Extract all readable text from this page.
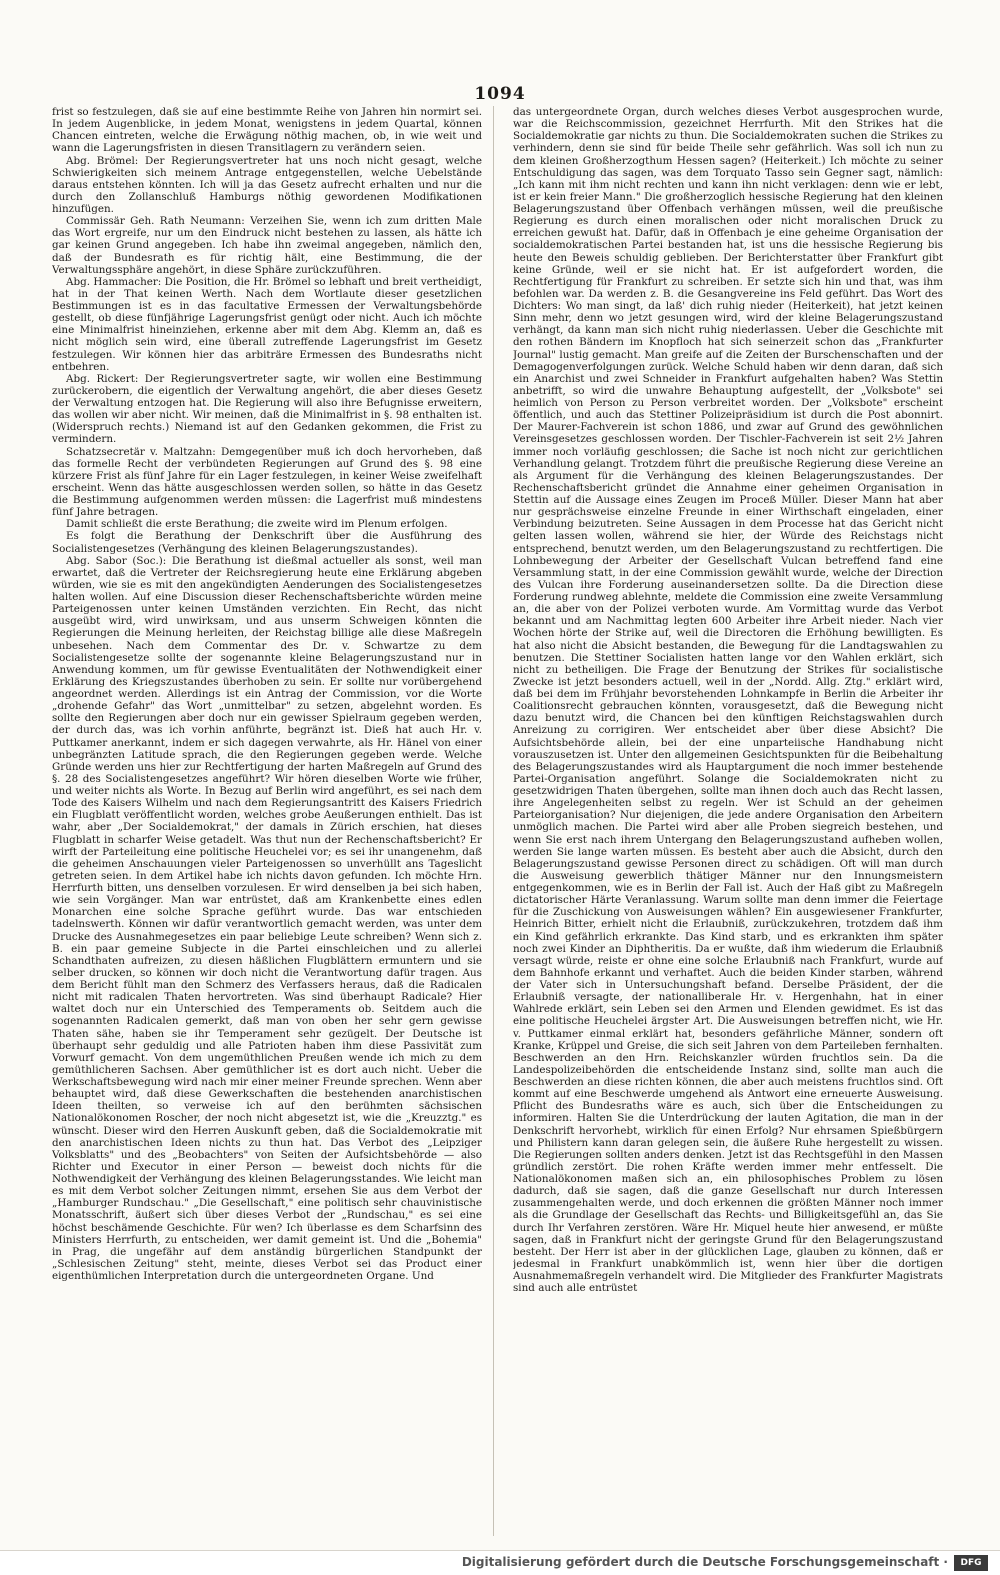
1094

frist so festzulegen, daß sie auf eine bestimmte Reihe von Jahren hin normirt sei. In jedem Augenblicke, in jedem Monat, wenigstens in jedem Quartal, können Chancen eintreten, welche die Erwägung nöthig machen, ob, in wie weit und wann die Lagerungsfristen in diesen Transitlagern zu verändern seien.

Abg. Brömel: Der Regierungsvertreter hat uns noch nicht gesagt, welche Schwierigkeiten sich meinem Antrage entgegenstellen, welche Uebelstände daraus entstehen könnten. Ich will ja das Gesetz aufrecht erhalten und nur die durch den Zollanschluß Hamburgs nöthig gewordenen Modifikationen hinzufügen.

Commissär Geh. Rath Neumann: Verzeihen Sie, wenn ich zum dritten Male das Wort ergreife, nur um den Eindruck nicht bestehen zu lassen, als hätte ich gar keinen Grund angegeben. Ich habe ihn zweimal angegeben, nämlich den, daß der Bundesrath es für richtig hält, eine Bestimmung, die der Verwaltungssphäre angehört, in diese Sphäre zurückzuführen.

Abg. Hammacher: Die Position, die Hr. Brömel so lebhaft und breit vertheidigt, hat in der That keinen Werth. Nach dem Wortlaute dieser gesetzlichen Bestimmungen ist es in das facultative Ermessen der Verwaltungsbehörde gestellt, ob diese fünfjährige Lagerungsfrist genügt oder nicht. Auch ich möchte eine Minimalfrist hineinziehen, erkenne aber mit dem Abg. Klemm an, daß es nicht möglich sein wird, eine überall zutreffende Lagerungsfrist im Gesetz festzulegen. Wir können hier das arbiträre Ermessen des Bundesraths nicht entbehren.

Abg. Rickert: Der Regierungsvertreter sagte, wir wollen eine Bestimmung zurückerobern, die eigentlich der Verwaltung angehört, die aber dieses Gesetz der Verwaltung entzogen hat. Die Regierung will also ihre Befugnisse erweitern, das wollen wir aber nicht. Wir meinen, daß die Minimalfrist in §. 98 enthalten ist. (Widerspruch rechts.) Niemand ist auf den Gedanken gekommen, die Frist zu vermindern.

Schatzsecretär v. Maltzahn: Demgegenüber muß ich doch hervorheben, daß das formelle Recht der verbündeten Regierungen auf Grund des §. 98 eine kürzere Frist als fünf Jahre für ein Lager festzulegen, in keiner Weise zweifelhaft erscheint. Wenn das hätte ausgeschlossen werden sollen, so hätte in das Gesetz die Bestimmung aufgenommen werden müssen: die Lagerfrist muß mindestens fünf Jahre betragen.

Damit schließt die erste Berathung; die zweite wird im Plenum erfolgen.

Es folgt die Berathung der Denkschrift über die Ausführung des Socialistengesetzes (Verhängung des kleinen Belagerungszustandes).

Abg. Sabor (Soc.): Die Berathung ist dießmal actueller als sonst, weil man erwartet, daß die Vertreter der Reichsregierung heute eine Erklärung abgeben würden, wie sie es mit den angekündigten Aenderungen des Socialistengesetzes halten wollen. Auf eine Discussion dieser Rechenschaftsberichte würden meine Parteigenossen unter keinen Umständen verzichten. Ein Recht, das nicht ausgeübt wird, wird unwirksam, und aus unserm Schweigen könnten die Regierungen die Meinung herleiten, der Reichstag billige alle diese Maßregeln unbesehen. Nach dem Commentar des Dr. v. Schwartze zu dem Socialistengesetze sollte der sogenannte kleine Belagerungszustand nur in Anwendung kommen, um für gewisse Eventualitäten der Nothwendigkeit einer Erklärung des Kriegszustandes überhoben zu sein. Er sollte nur vorübergehend angeordnet werden. Allerdings ist ein Antrag der Commission, vor die Worte „drohende Gefahr" das Wort „unmittelbar" zu setzen, abgelehnt worden. Es sollte den Regierungen aber doch nur ein gewisser Spielraum gegeben werden, der durch das, was ich vorhin anführte, begränzt ist. Dieß hat auch Hr. v. Puttkamer anerkannt, indem er sich dagegen verwahrte, als Hr. Hänel von einer unbegränzten Latitude sprach, die den Regierungen gegeben werde. Welche Gründe werden uns hier zur Rechtfertigung der harten Maßregeln auf Grund des §. 28 des Socialistengesetzes angeführt? Wir hören dieselben Worte wie früher, und weiter nichts als Worte. In Bezug auf Berlin wird angeführt, es sei nach dem Tode des Kaisers Wilhelm und nach dem Regierungsantritt des Kaisers Friedrich ein Flugblatt veröffentlicht worden, welches grobe Aeußerungen enthielt. Das ist wahr, aber „Der Socialdemokrat," der damals in Zürich erschien, hat dieses Flugblatt in scharfer Weise getadelt. Was thut nun der Rechenschaftsbericht? Er wirft der Parteileitung eine politische Heuchelei vor; es sei ihr unangenehm, daß die geheimen Anschauungen vieler Parteigenossen so unverhüllt ans Tageslicht getreten seien. In dem Artikel habe ich nichts davon gefunden. Ich möchte Hrn. Herrfurth bitten, uns denselben vorzulesen. Er wird denselben ja bei sich haben, wie sein Vorgänger. Man war entrüstet, daß am Krankenbette eines edlen Monarchen eine solche Sprache geführt wurde. Das war entschieden tadelnswerth. Können wir dafür verantwortlich gemacht werden, was unter dem Drucke des Ausnahmegesetzes ein paar beliebige Leute schreiben? Wenn sich z. B. ein paar gemeine Subjecte in die Partei einschleichen und zu allerlei Schandthaten aufreizen, zu diesen häßlichen Flugblättern ermuntern und sie selber drucken, so können wir doch nicht die Verantwortung dafür tragen. Aus dem Bericht fühlt man den Schmerz des Verfassers heraus, daß die Radicalen nicht mit radicalen Thaten hervortreten. Was sind überhaupt Radicale? Hier waltet doch nur ein Unterschied des Temperaments ob. Seitdem auch die sogenannten Radicalen gemerkt, daß man von oben her sehr gern gewisse Thaten sähe, haben sie ihr Temperament sehr gezügelt. Der Deutsche ist überhaupt sehr geduldig und alle Patrioten haben ihm diese Passivität zum Vorwurf gemacht. Von dem ungemüthlichen Preußen wende ich mich zu dem gemüthlicheren Sachsen. Aber gemüthlicher ist es dort auch nicht. Ueber die Werkschaftsbewegung wird nach mir einer meiner Freunde sprechen. Wenn aber behauptet wird, daß diese Gewerkschaften die bestehenden anarchistischen Ideen theilten, so verweise ich auf den berühmten sächsischen Nationalökonomen Roscher, der noch nicht abgesetzt ist, wie die „Kreuzztg." es wünscht. Dieser wird den Herren Auskunft geben, daß die Socialdemokratie mit den anarchistischen Ideen nichts zu thun hat. Das Verbot des „Leipziger Volksblatts" und des „Beobachters" von Seiten der Aufsichtsbehörde — also Richter und Executor in einer Person — beweist doch nichts für die Nothwendigkeit der Verhängung des kleinen Belagerungsstandes. Wie leicht man es mit dem Verbot solcher Zeitungen nimmt, ersehen Sie aus dem Verbot der „Hamburger Rundschau." „Die Gesellschaft," eine politisch sehr chauvinistische Monatsschrift, äußert sich über dieses Verbot der „Rundschau," es sei eine höchst beschämende Geschichte. Für wen? Ich überlasse es dem Scharfsinn des Ministers Herrfurth, zu entscheiden, wer damit gemeint ist. Und die „Bohemia" in Prag, die ungefähr auf dem anständig bürgerlichen Standpunkt der „Schlesischen Zeitung" steht, meinte, dieses Verbot sei das Product einer eigenthümlichen Interpretation durch die untergeordneten Organe. Und

das untergeordnete Organ, durch welches dieses Verbot ausgesprochen wurde, war die Reichscommission, gezeichnet Herrfurth. Mit den Strikes hat die Socialdemokratie gar nichts zu thun. Die Socialdemokraten suchen die Strikes zu verhindern, denn sie sind für beide Theile sehr gefährlich. Was soll ich nun zu dem kleinen Großherzogthum Hessen sagen? (Heiterkeit.) Ich möchte zu seiner Entschuldigung das sagen, was dem Torquato Tasso sein Gegner sagt, nämlich: „Ich kann mit ihm nicht rechten und kann ihn nicht verklagen: denn wie er lebt, ist er kein freier Mann." Die großherzoglich hessische Regierung hat den kleinen Belagerungszustand über Offenbach verhängen müssen, weil die preußische Regierung es durch einen moralischen oder nicht moralischen Druck zu erreichen gewußt hat. Dafür, daß in Offenbach je eine geheime Organisation der socialdemokratischen Partei bestanden hat, ist uns die hessische Regierung bis heute den Beweis schuldig geblieben. Der Berichterstatter über Frankfurt gibt keine Gründe, weil er sie nicht hat. Er ist aufgefordert worden, die Rechtfertigung für Frankfurt zu schreiben. Er setzte sich hin und that, was ihm befohlen war. Da werden z. B. die Gesangvereine ins Feld geführt. Das Wort des Dichters: Wo man singt, da laß' dich ruhig nieder (Heiterkeit), hat jetzt keinen Sinn mehr, denn wo jetzt gesungen wird, wird der kleine Belagerungszustand verhängt, da kann man sich nicht ruhig niederlassen. Ueber die Geschichte mit den rothen Bändern im Knopfloch hat sich seinerzeit schon das „Frankfurter Journal" lustig gemacht. Man greife auf die Zeiten der Burschenschaften und der Demagogenverfolgungen zurück. Welche Schuld haben wir denn daran, daß sich ein Anarchist und zwei Schneider in Frankfurt aufgehalten haben? Was Stettin anbetrifft, so wird die unwahre Behauptung aufgestellt, der „Volksbote" sei heimlich von Person zu Person verbreitet worden. Der „Volksbote" erscheint öffentlich, und auch das Stettiner Polizeipräsidium ist durch die Post abonnirt. Der Maurer-Fachverein ist schon 1886, und zwar auf Grund des gewöhnlichen Vereinsgesetzes geschlossen worden. Der Tischler-Fachverein ist seit 2½ Jahren immer noch vorläufig geschlossen; die Sache ist noch nicht zur gerichtlichen Verhandlung gelangt. Trotzdem führt die preußische Regierung diese Vereine an als Argument für die Verhängung des kleinen Belagerungszustandes. Der Rechenschaftsbericht gründet die Annahme einer geheimen Organisation in Stettin auf die Aussage eines Zeugen im Proceß Müller. Dieser Mann hat aber nur gesprächsweise einzelne Freunde in einer Wirthschaft eingeladen, einer Verbindung beizutreten. Seine Aussagen in dem Processe hat das Gericht nicht gelten lassen wollen, während sie hier, der Würde des Reichstags nicht entsprechend, benutzt werden, um den Belagerungszustand zu rechtfertigen. Die Lohnbewegung der Arbeiter der Gesellschaft Vulcan betreffend fand eine Versammlung statt, in der eine Commission gewählt wurde, welche der Direction des Vulcan ihre Forderung auseinandersetzen sollte. Da die Direction diese Forderung rundweg ablehnte, meldete die Commission eine zweite Versammlung an, die aber von der Polizei verboten wurde. Am Vormittag wurde das Verbot bekannt und am Nachmittag legten 600 Arbeiter ihre Arbeit nieder. Nach vier Wochen hörte der Strike auf, weil die Directoren die Erhöhung bewilligten. Es hat also nicht die Absicht bestanden, die Bewegung für die Landtagswahlen zu benutzen. Die Stettiner Socialisten hatten lange vor den Wahlen erklärt, sich nicht zu betheiligen. Die Frage der Benutzung der Strikes für socialistische Zwecke ist jetzt besonders actuell, weil in der „Nordd. Allg. Ztg." erklärt wird, daß bei dem im Frühjahr bevorstehenden Lohnkampfe in Berlin die Arbeiter ihr Coalitionsrecht gebrauchen könnten, vorausgesetzt, daß die Bewegung nicht dazu benutzt wird, die Chancen bei den künftigen Reichstagswahlen durch Anreizung zu corrigiren. Wer entscheidet aber über diese Absicht? Die Aufsichtsbehörde allein, bei der eine unparteiische Handhabung nicht vorauszusetzen ist. Unter den allgemeinen Gesichtspunkten für die Beibehaltung des Belagerungszustandes wird als Hauptargument die noch immer bestehende Partei-Organisation angeführt. Solange die Socialdemokraten nicht zu gesetzwidrigen Thaten übergehen, sollte man ihnen doch auch das Recht lassen, ihre Angelegenheiten selbst zu regeln. Wer ist Schuld an der geheimen Parteiorganisation? Nur diejenigen, die jede andere Organisation den Arbeitern unmöglich machen. Die Partei wird aber alle Proben siegreich bestehen, und wenn Sie erst nach ihrem Untergang den Belagerungszustand aufheben wollen, werden Sie lange warten müssen. Es besteht aber auch die Absicht, durch den Belagerungszustand gewisse Personen direct zu schädigen. Oft will man durch die Ausweisung gewerblich thätiger Männer nur den Innungsmeistern entgegenkommen, wie es in Berlin der Fall ist. Auch der Haß gibt zu Maßregeln dictatorischer Härte Veranlassung. Warum sollte man denn immer die Feiertage für die Zuschickung von Ausweisungen wählen? Ein ausgewiesener Frankfurter, Heinrich Bitter, erhielt nicht die Erlaubniß, zurückzukehren, trotzdem daß ihm ein Kind gefährlich erkrankte. Das Kind starb, und es erkrankten ihm später noch zwei Kinder an Diphtheritis. Da er wußte, daß ihm wiederum die Erlaubniß versagt würde, reiste er ohne eine solche Erlaubniß nach Frankfurt, wurde auf dem Bahnhofe erkannt und verhaftet. Auch die beiden Kinder starben, während der Vater sich in Untersuchungshaft befand. Derselbe Präsident, der die Erlaubniß versagte, der nationalliberale Hr. v. Hergenhahn, hat in einer Wahlrede erklärt, sein Leben sei den Armen und Elenden gewidmet. Es ist das eine politische Heuchelei ärgster Art. Die Ausweisungen betreffen nicht, wie Hr. v. Puttkamer einmal erklärt hat, besonders gefährliche Männer, sondern oft Kranke, Krüppel und Greise, die sich seit Jahren von dem Parteileben fernhalten. Beschwerden an den Hrn. Reichskanzler würden fruchtlos sein. Da die Landespolizeibehörden die entscheidende Instanz sind, sollte man auch die Beschwerden an diese richten können, die aber auch meistens fruchtlos sind. Oft kommt auf eine Beschwerde umgehend als Antwort eine erneuerte Ausweisung. Pflicht des Bundesraths wäre es auch, sich über die Entscheidungen zu informiren. Halten Sie die Unterdrückung der lauten Agitation, die man in der Denkschrift hervorhebt, wirklich für einen Erfolg? Nur ehrsamen Spießbürgern und Philistern kann daran gelegen sein, die äußere Ruhe hergestellt zu wissen. Die Regierungen sollten anders denken. Jetzt ist das Rechtsgefühl in den Massen gründlich zerstört. Die rohen Kräfte werden immer mehr entfesselt. Die Nationalökonomen maßen sich an, ein philosophisches Problem zu lösen dadurch, daß sie sagen, daß die ganze Gesellschaft nur durch Interessen zusammengehalten werde, und doch erkennen die größten Männer noch immer als die Grundlage der Gesellschaft das Rechts- und Billigkeitsgefühl an, das Sie durch Ihr Verfahren zerstören. Wäre Hr. Miquel heute hier anwesend, er müßte sagen, daß in Frankfurt nicht der geringste Grund für den Belagerungszustand besteht. Der Herr ist aber in der glücklichen Lage, glauben zu können, daß er jedesmal in Frankfurt unabkömmlich ist, wenn hier über die dortigen Ausnahmemaßregeln verhandelt wird. Die Mitglieder des Frankfurter Magistrats sind auch alle entrüstet

Digitalisierung gefördert durch die Deutsche Forschungsgemeinschaft ·	DFG
